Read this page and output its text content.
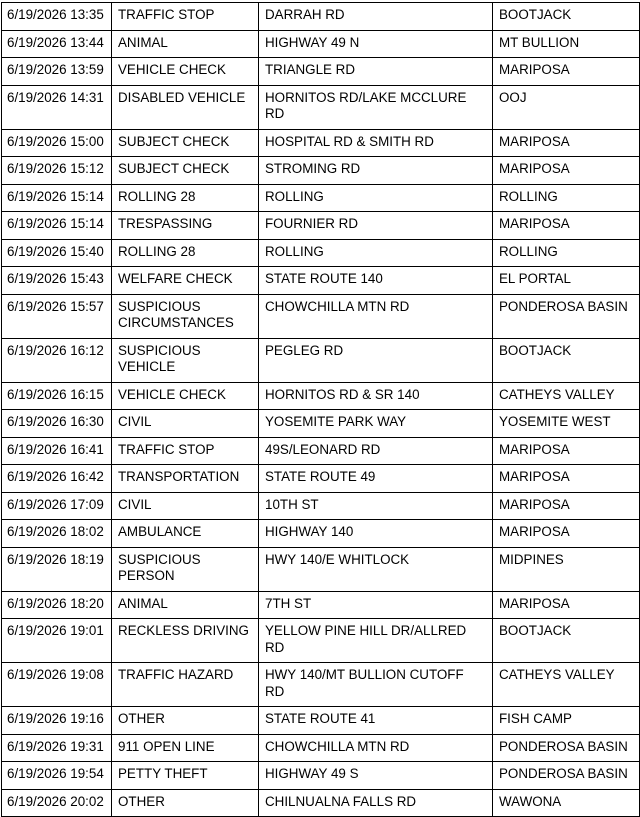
6/19/2026 13:35	TRAFFIC STOP	DARRAH RD	BOOTJACK
6/19/2026 13:44	ANIMAL	HIGHWAY 49 N	MT BULLION
6/19/2026 13:59	VEHICLE CHECK	TRIANGLE RD	MARIPOSA
6/19/2026 14:31	DISABLED VEHICLE	HORNITOS RD/LAKE MCCLURE RD	OOJ
6/19/2026 15:00	SUBJECT CHECK	HOSPITAL RD & SMITH RD	MARIPOSA
6/19/2026 15:12	SUBJECT CHECK	STROMING RD	MARIPOSA
6/19/2026 15:14	ROLLING 28	ROLLING	ROLLING
6/19/2026 15:14	TRESPASSING	FOURNIER RD	MARIPOSA
6/19/2026 15:40	ROLLING 28	ROLLING	ROLLING
6/19/2026 15:43	WELFARE CHECK	STATE ROUTE 140	EL PORTAL
6/19/2026 15:57	SUSPICIOUS CIRCUMSTANCES	CHOWCHILLA MTN RD	PONDEROSA BASIN
6/19/2026 16:12	SUSPICIOUS VEHICLE	PEGLEG RD	BOOTJACK
6/19/2026 16:15	VEHICLE CHECK	HORNITOS RD & SR 140	CATHEYS VALLEY
6/19/2026 16:30	CIVIL	YOSEMITE PARK WAY	YOSEMITE WEST
6/19/2026 16:41	TRAFFIC STOP	49S/LEONARD RD	MARIPOSA
6/19/2026 16:42	TRANSPORTATION	STATE ROUTE 49	MARIPOSA
6/19/2026 17:09	CIVIL	10TH ST	MARIPOSA
6/19/2026 18:02	AMBULANCE	HIGHWAY 140	MARIPOSA
6/19/2026 18:19	SUSPICIOUS PERSON	HWY 140/E WHITLOCK	MIDPINES
6/19/2026 18:20	ANIMAL	7TH ST	MARIPOSA
6/19/2026 19:01	RECKLESS DRIVING	YELLOW PINE HILL DR/ALLRED RD	BOOTJACK
6/19/2026 19:08	TRAFFIC HAZARD	HWY 140/MT BULLION CUTOFF RD	CATHEYS VALLEY
6/19/2026 19:16	OTHER	STATE ROUTE 41	FISH CAMP
6/19/2026 19:31	911 OPEN LINE	CHOWCHILLA MTN RD	PONDEROSA BASIN
6/19/2026 19:54	PETTY THEFT	HIGHWAY 49 S	PONDEROSA BASIN
6/19/2026 20:02	OTHER	CHILNUALNA FALLS RD	WAWONA
